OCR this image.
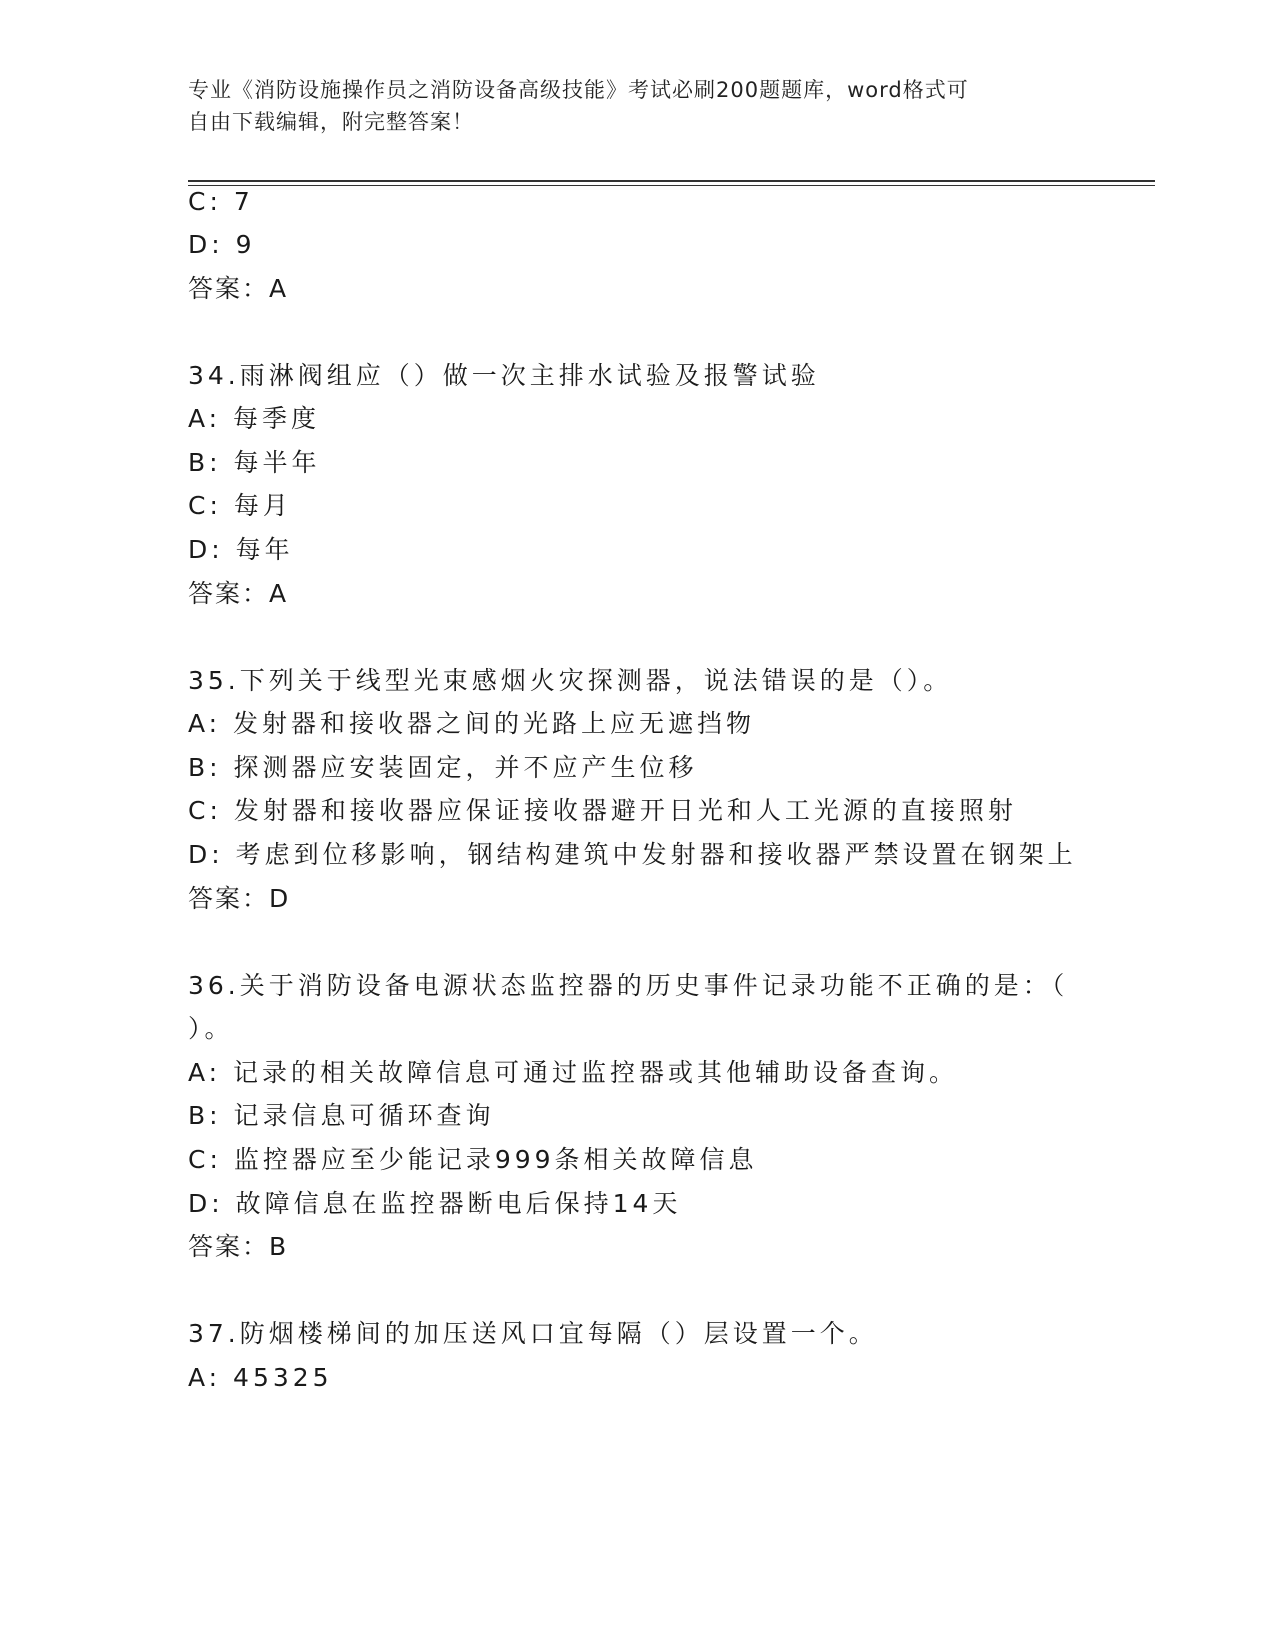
专业《消防设施操作员之消防设备高级技能》考试必刷200题题库，word格式可
自由下载编辑，附完整答案！
C: 7
D: 9
答案：A
34.雨淋阀组应（）做一次主排水试验及报警试验
A: 每季度
B: 每半年
C: 每月
D: 每年
答案：A
35.下列关于线型光束感烟火灾探测器，说法错误的是（）。
A: 发射器和接收器之间的光路上应无遮挡物
B: 探测器应安装固定，并不应产生位移
C: 发射器和接收器应保证接收器避开日光和人工光源的直接照射
D: 考虑到位移影响，钢结构建筑中发射器和接收器严禁设置在钢架上
答案：D
36.关于消防设备电源状态监控器的历史事件记录功能不正确的是：（
）。
A: 记录的相关故障信息可通过监控器或其他辅助设备查询。
B: 记录信息可循环查询
C: 监控器应至少能记录999条相关故障信息
D: 故障信息在监控器断电后保持14天
答案：B
37.防烟楼梯间的加压送风口宜每隔（）层设置一个。
A: 45325
